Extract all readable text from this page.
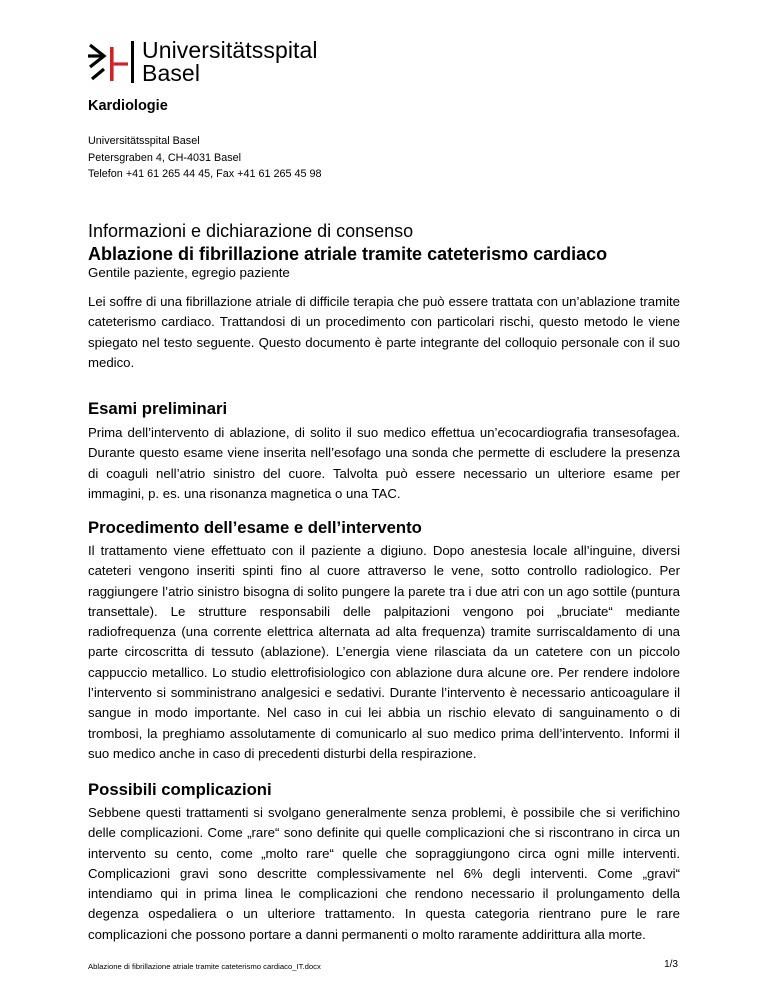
Universitätsspital
Basel
Kardiologie
Universitätsspital Basel
Petersgraben 4, CH-4031 Basel
Telefon +41 61 265 44 45, Fax +41 61 265 45 98
Informazioni e dichiarazione di consenso
Ablazione di fibrillazione atriale tramite cateterismo cardiaco
Gentile paziente, egregio paziente

Lei soffre di una fibrillazione atriale di difficile terapia che può essere trattata con un’ablazione tramite cateterismo cardiaco. Trattandosi di un procedimento con particolari rischi, questo metodo le viene spiegato nel testo seguente. Questo documento è parte integrante del colloquio personale con il suo medico.

Esami preliminari

Prima dell’intervento di ablazione, di solito il suo medico effettua un’ecocardiografia transesofagea. Durante questo esame viene inserita nell’esofago una sonda che permette di escludere la presenza di coaguli nell’atrio sinistro del cuore. Talvolta può essere necessario un ulteriore esame per immagini, p. es. una risonanza magnetica o una TAC.

Procedimento dell’esame e dell’intervento

Il trattamento viene effettuato con il paziente a digiuno. Dopo anestesia locale all’inguine, diversi cateteri vengono inseriti spinti fino al cuore attraverso le vene, sotto controllo radiologico. Per raggiungere l’atrio sinistro bisogna di solito pungere la parete tra i due atri con un ago sottile (puntura transettale). Le strutture responsabili delle palpitazioni vengono poi „bruciate“ mediante radiofrequenza (una corrente elettrica alternata ad alta frequenza) tramite surriscaldamento di una parte circoscritta di tessuto (ablazione). L’energia viene rilasciata da un catetere con un piccolo cappuccio metallico. Lo studio elettrofisiologico con ablazione dura alcune ore. Per rendere indolore l’intervento si somministrano analgesici e sedativi. Durante l’intervento è necessario anticoagulare il sangue in modo importante. Nel caso in cui lei abbia un rischio elevato di sanguinamento o di trombosi, la preghiamo assolutamente di comunicarlo al suo medico prima dell’intervento. Informi il suo medico anche in caso di precedenti disturbi della respirazione.

Possibili complicazioni

Sebbene questi trattamenti si svolgano generalmente senza problemi, è possibile che si verifichino delle complicazioni. Come „rare“ sono definite qui quelle complicazioni che si riscontrano in circa un intervento su cento, come „molto rare“ quelle che sopraggiungono circa ogni mille interventi. Complicazioni gravi sono descritte complessivamente nel 6% degli interventi. Come „gravi“ intendiamo qui in prima linea le complicazioni che rendono necessario il prolungamento della degenza ospedaliera o un ulteriore trattamento. In questa categoria rientrano pure le rare complicazioni che possono portare a danni permanenti o molto raramente addirittura alla morte.

Ablazione di fibrillazione atriale tramite cateterismo cardiaco_IT.docx	1/3
